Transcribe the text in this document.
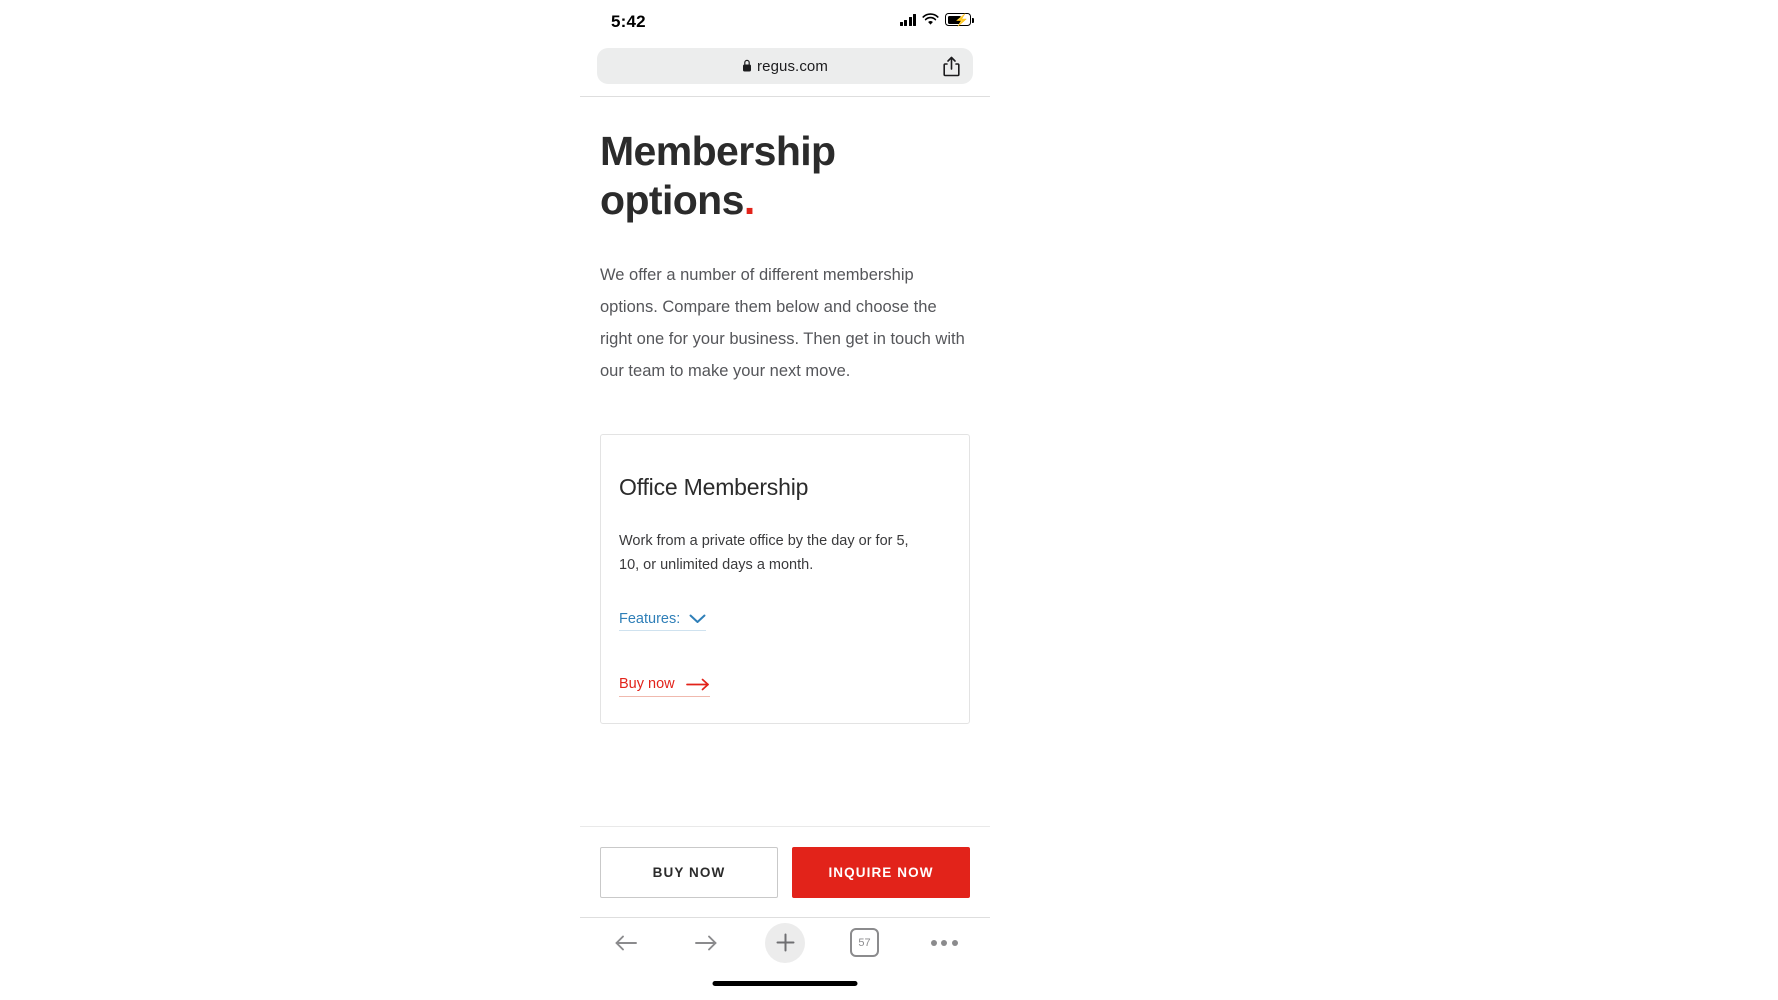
5:42	⚡
regus.com
Membership options.

We offer a number of different membership options. Compare them below and choose the right one for your business. Then get in touch with our team to make your next move.

Office Membership

Work from a private office by the day or for 5, 10, or unlimited days a month.

Features:
Buy now
BUY NOW	INQUIRE NOW
57
